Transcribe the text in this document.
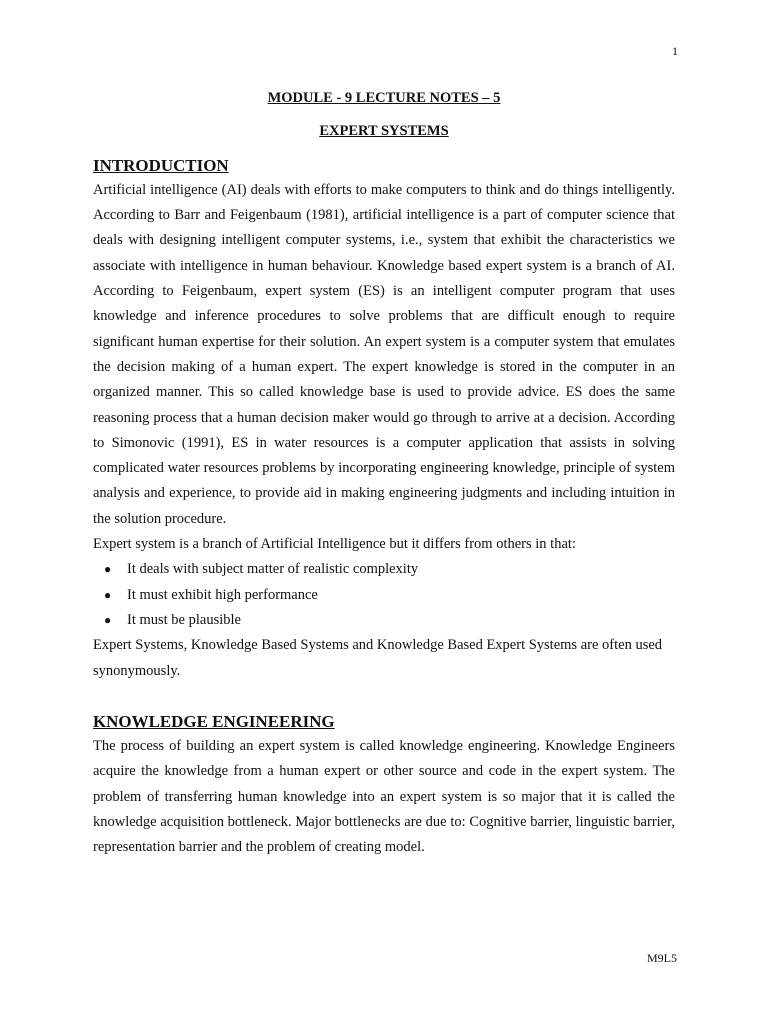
1
MODULE - 9 LECTURE NOTES – 5
EXPERT SYSTEMS
INTRODUCTION

Artificial intelligence (AI) deals with efforts to make computers to think and do things intelligently. According to Barr and Feigenbaum (1981), artificial intelligence is a part of computer science that deals with designing intelligent computer systems, i.e., system that exhibit the characteristics we associate with intelligence in human behaviour. Knowledge based expert system is a branch of AI. According to Feigenbaum, expert system (ES) is an intelligent computer program that uses knowledge and inference procedures to solve problems that are difficult enough to require significant human expertise for their solution. An expert system is a computer system that emulates the decision making of a human expert. The expert knowledge is stored in the computer in an organized manner. This so called knowledge base is used to provide advice. ES does the same reasoning process that a human decision maker would go through to arrive at a decision. According to Simonovic (1991), ES in water resources is a computer application that assists in solving complicated water resources problems by incorporating engineering knowledge, principle of system analysis and experience, to provide aid in making engineering judgments and including intuition in the solution procedure.

Expert system is a branch of Artificial Intelligence but it differs from others in that:

● It deals with subject matter of realistic complexity
● It must exhibit high performance
● It must be plausible

Expert Systems, Knowledge Based Systems and Knowledge Based Expert Systems are often used synonymously.

KNOWLEDGE ENGINEERING

The process of building an expert system is called knowledge engineering. Knowledge Engineers acquire the knowledge from a human expert or other source and code in the expert system. The problem of transferring human knowledge into an expert system is so major that it is called the knowledge acquisition bottleneck. Major bottlenecks are due to: Cognitive barrier, linguistic barrier, representation barrier and the problem of creating model.

M9L5
